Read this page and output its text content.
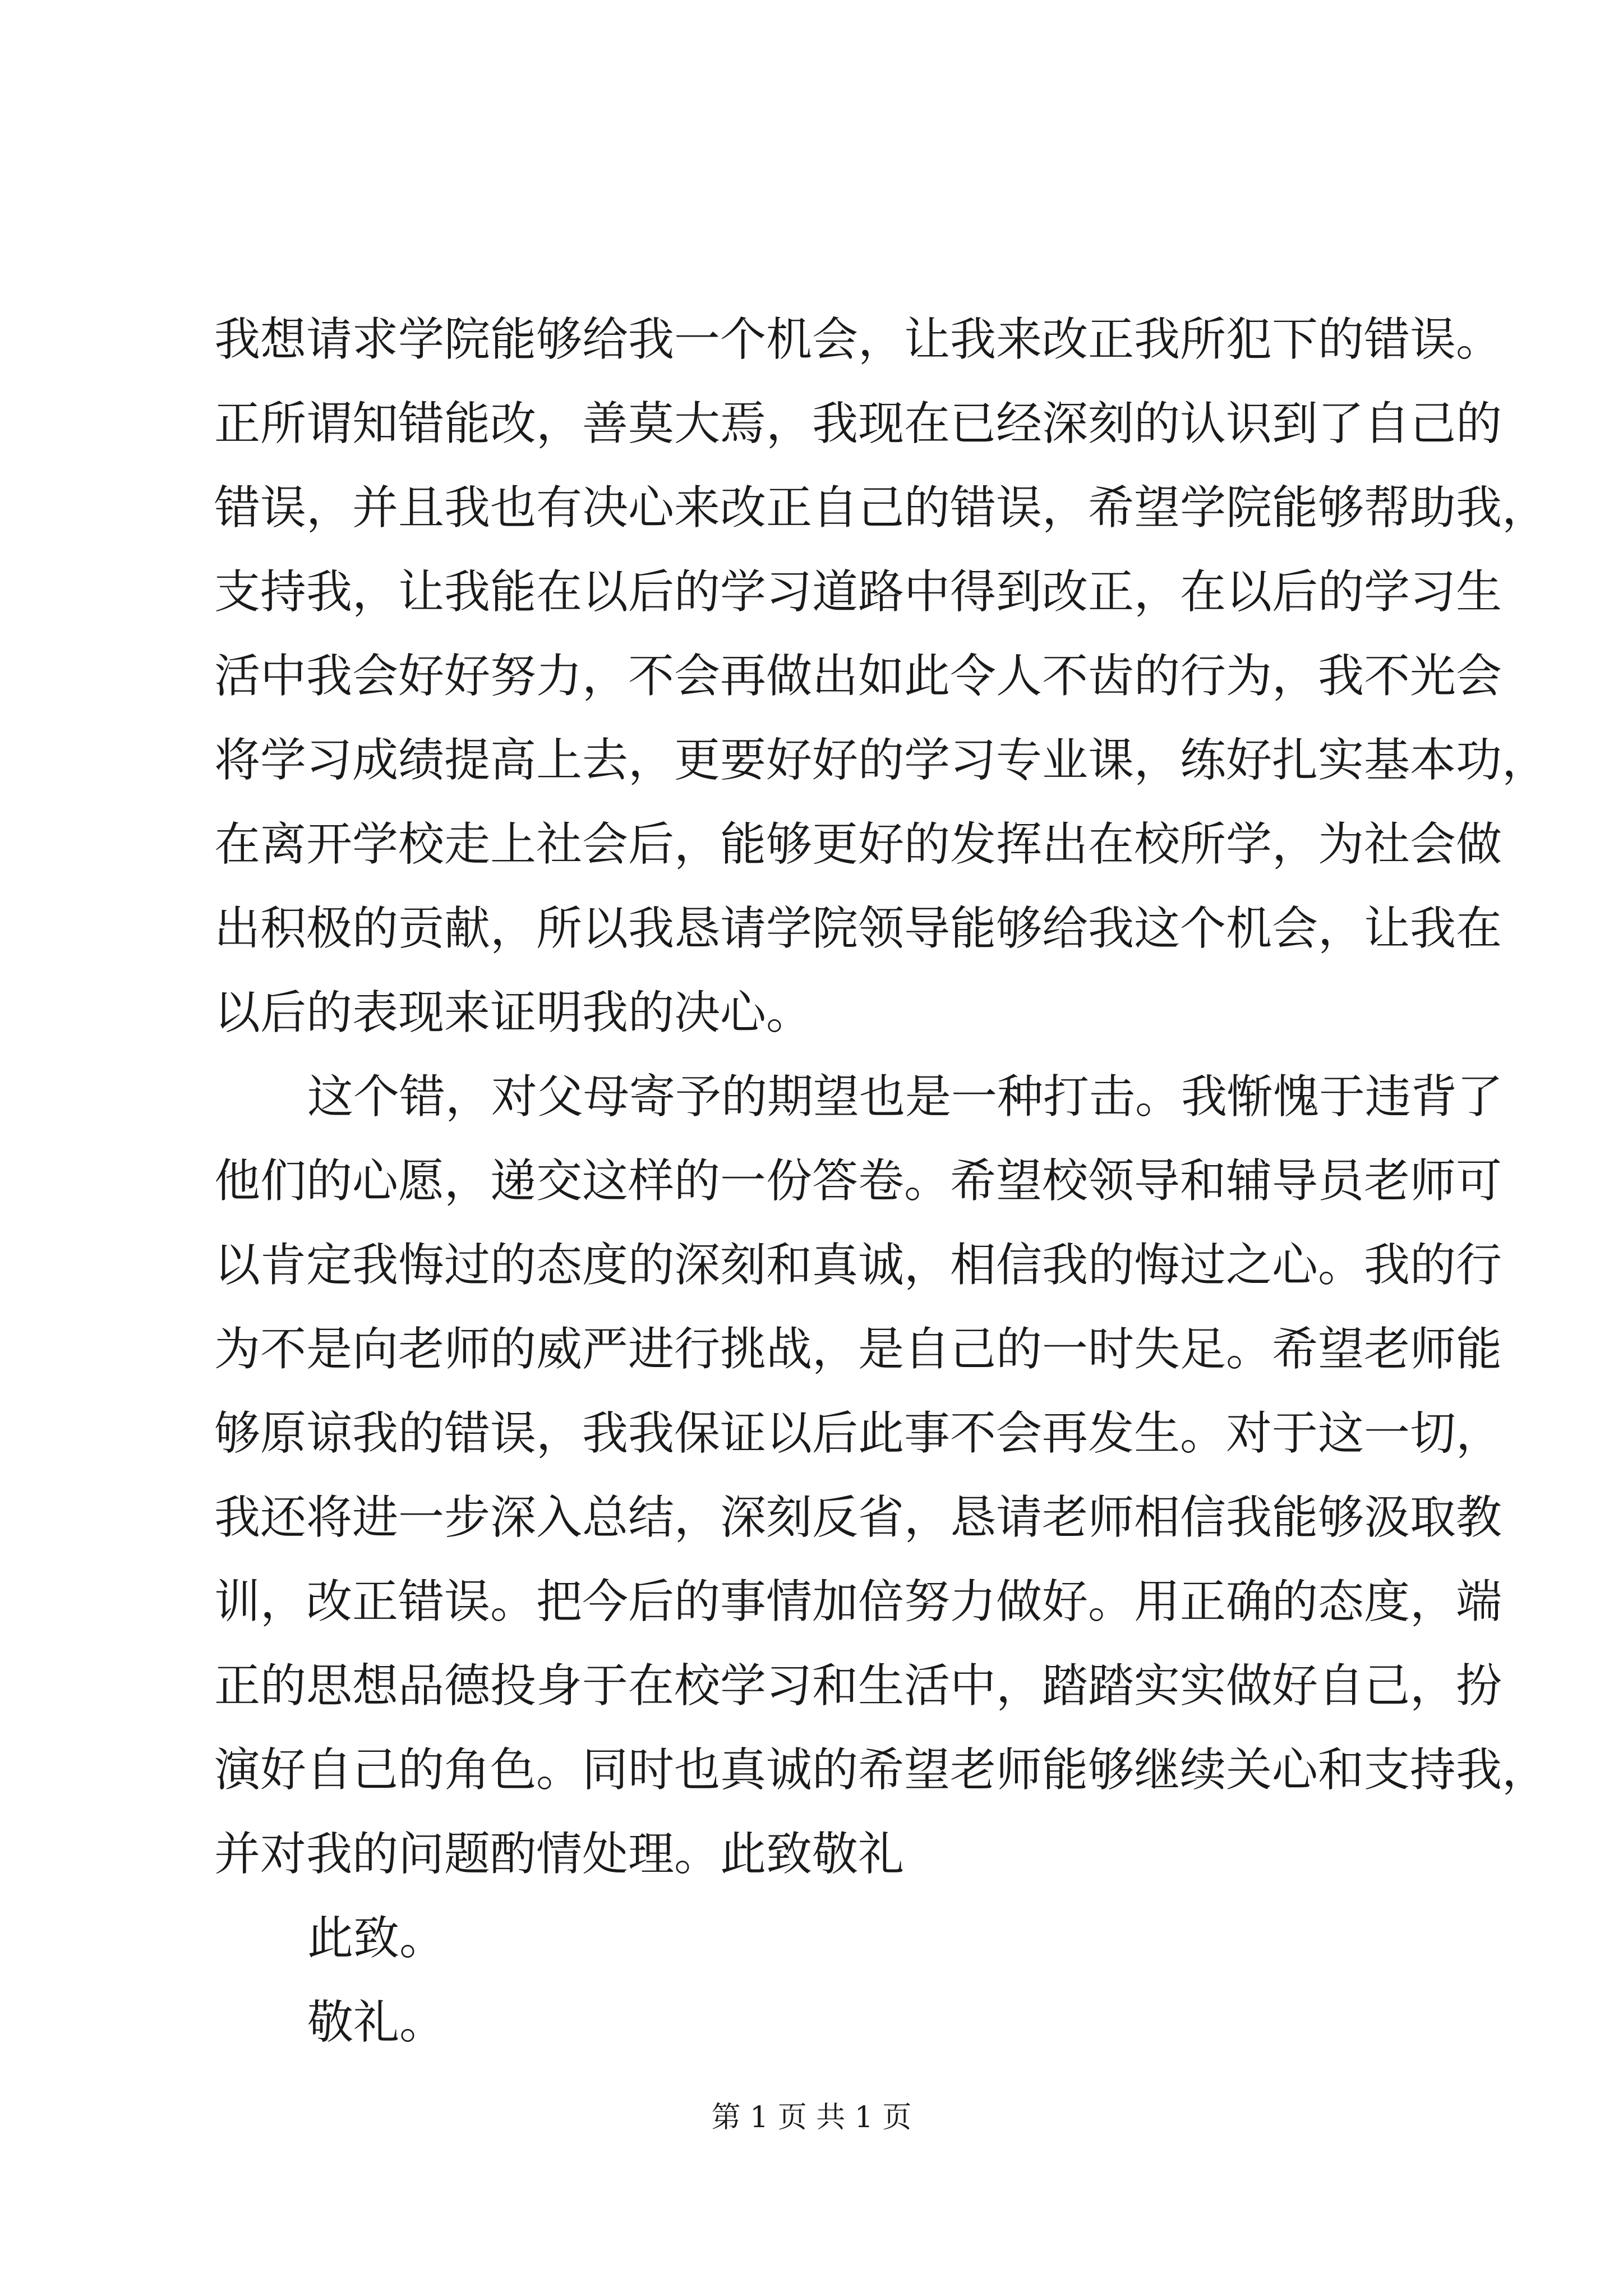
我想请求学院能够给我一个机会，让我来改正我所犯下的错误。
正所谓知错能改，善莫大焉，我现在已经深刻的认识到了自己的
错误，并且我也有决心来改正自己的错误，希望学院能够帮助我，
支持我，让我能在以后的学习道路中得到改正，在以后的学习生
活中我会好好努力，不会再做出如此令人不齿的行为，我不光会
将学习成绩提高上去，更要好好的学习专业课，练好扎实基本功，
在离开学校走上社会后，能够更好的发挥出在校所学，为社会做
出积极的贡献，所以我恳请学院领导能够给我这个机会，让我在
以后的表现来证明我的决心。
这个错，对父母寄予的期望也是一种打击。我惭愧于违背了
他们的心愿，递交这样的一份答卷。希望校领导和辅导员老师可
以肯定我悔过的态度的深刻和真诚，相信我的悔过之心。我的行
为不是向老师的威严进行挑战，是自己的一时失足。希望老师能
够原谅我的错误，我我保证以后此事不会再发生。对于这一切，
我还将进一步深入总结，深刻反省，恳请老师相信我能够汲取教
训，改正错误。把今后的事情加倍努力做好。用正确的态度，端
正的思想品德投身于在校学习和生活中，踏踏实实做好自己，扮
演好自己的角色。同时也真诚的希望老师能够继续关心和支持我，
并对我的问题酌情处理。此致敬礼
此致。
敬礼。
第 1 页 共 1 页
